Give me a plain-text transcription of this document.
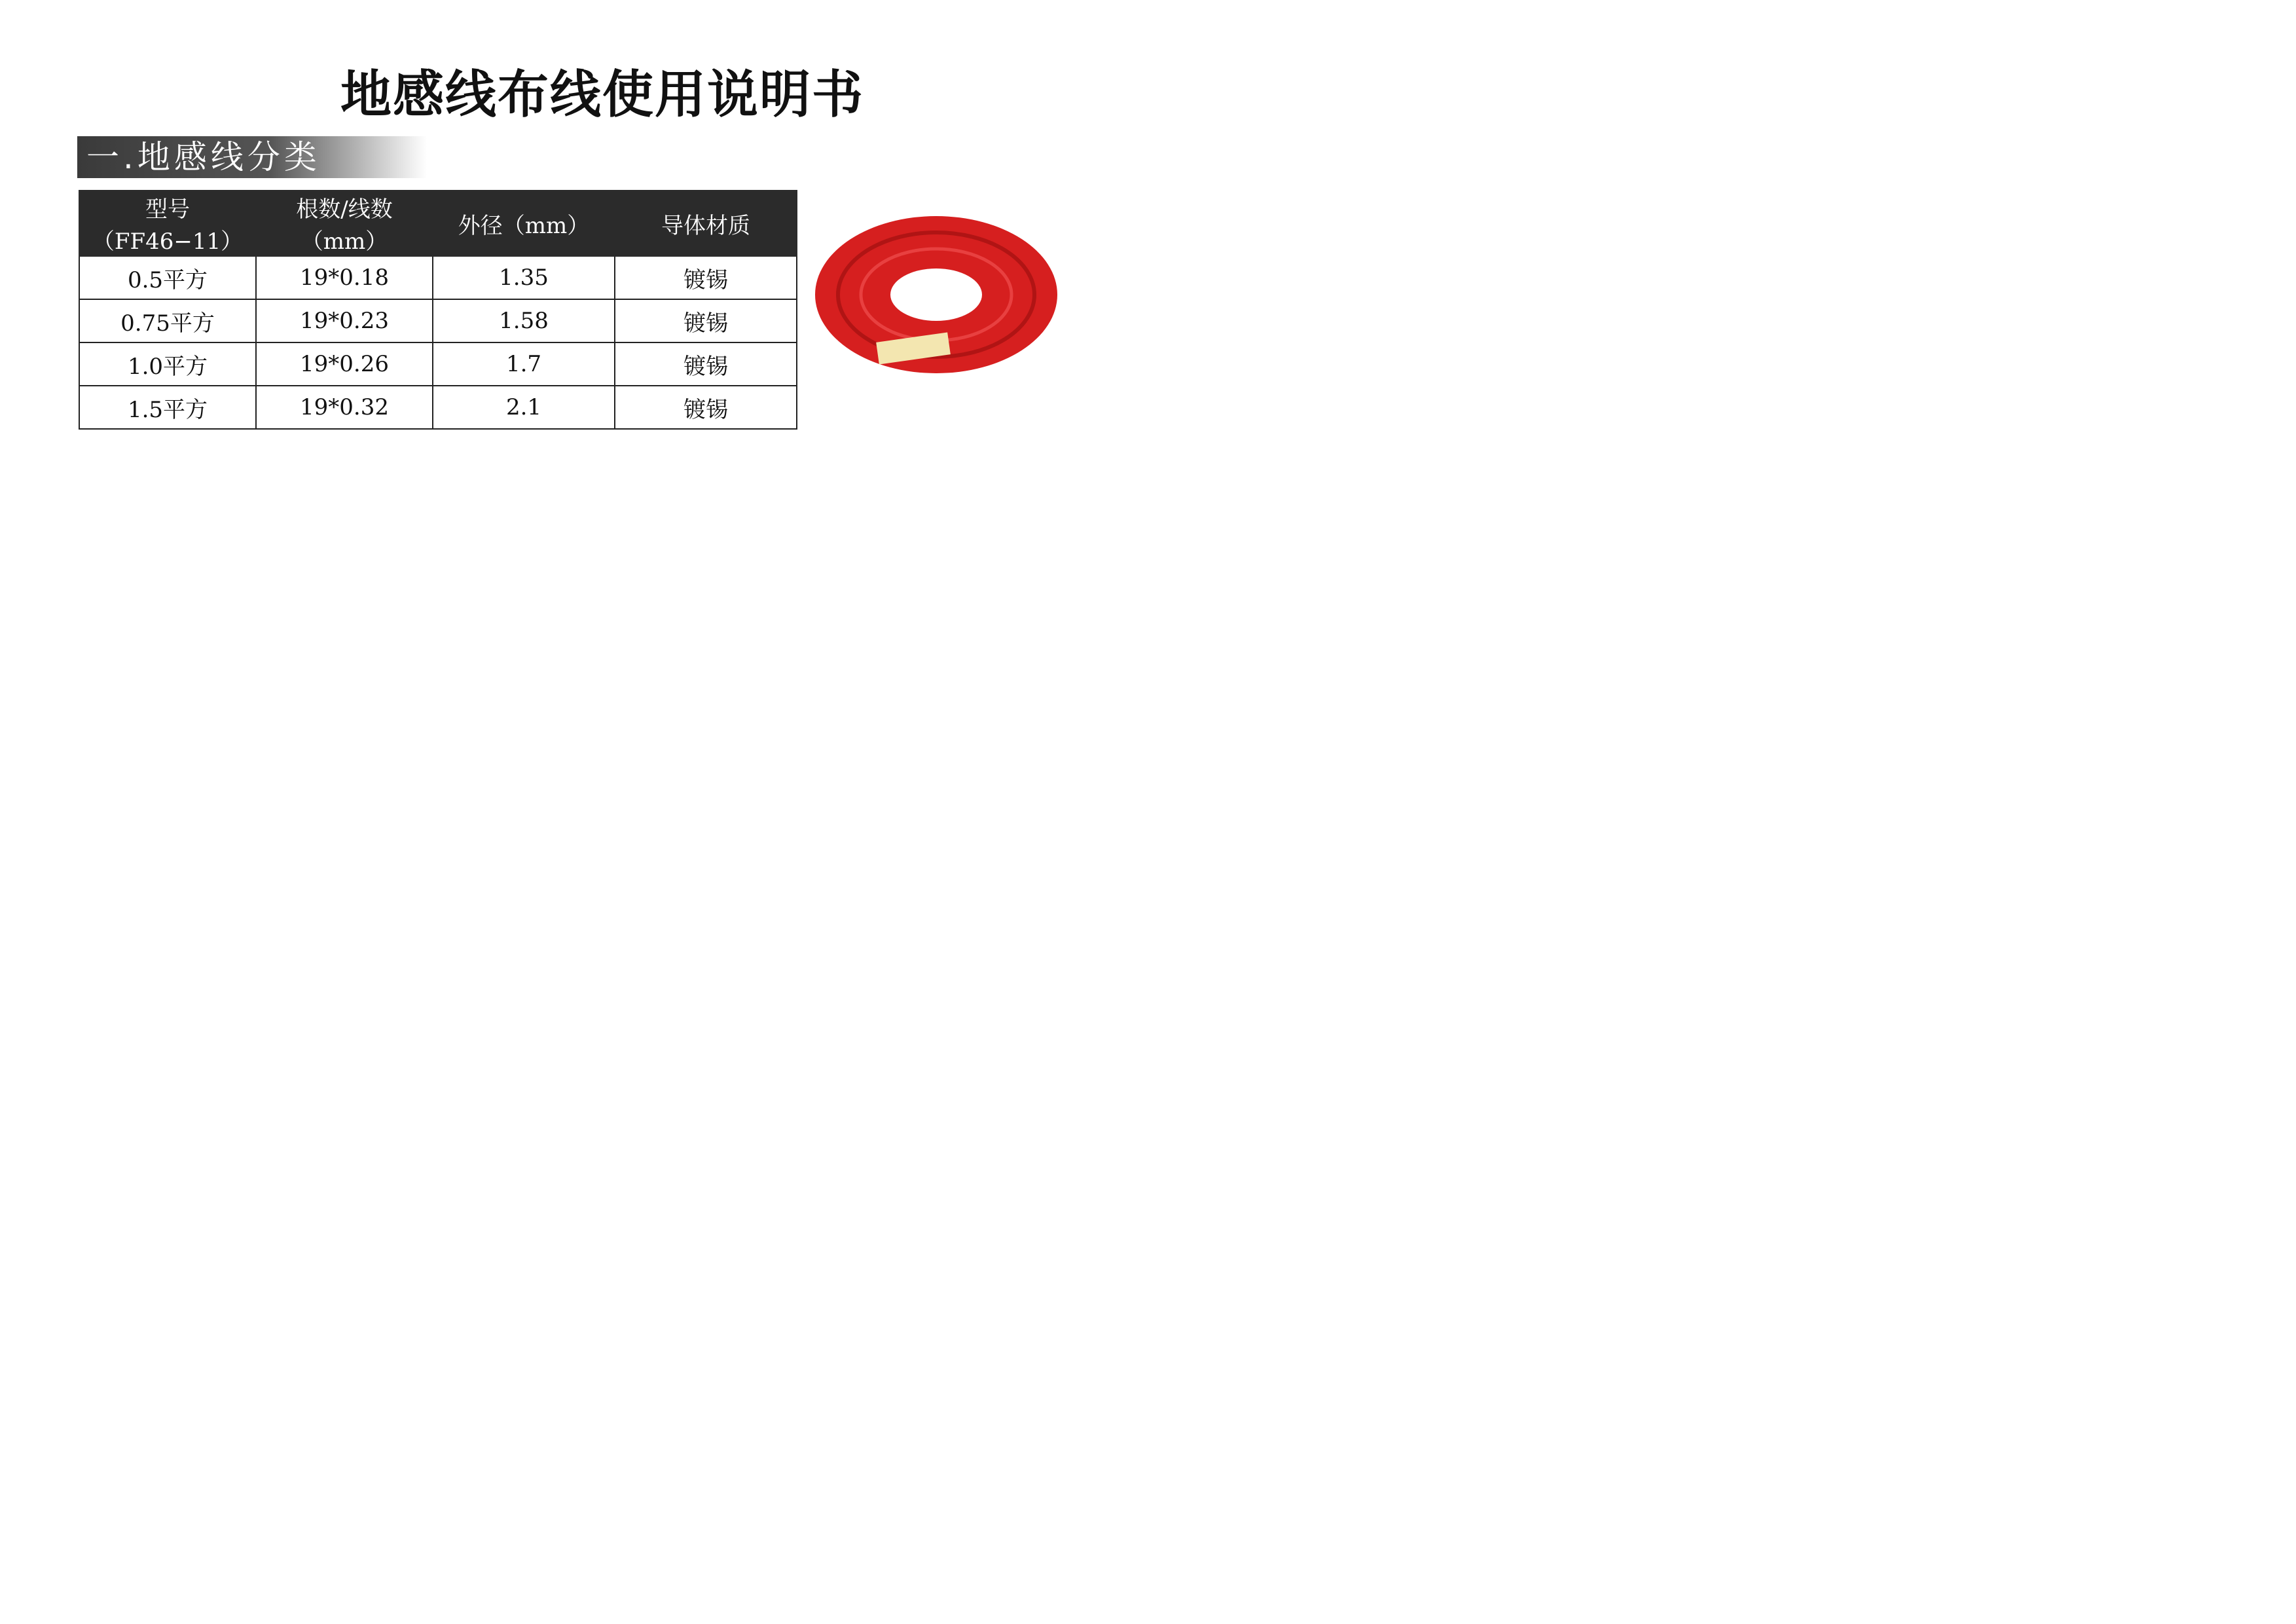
地感线布线使用说明书
一.地感线分类
型号（FF46−11）	根数/线数（mm）	外径（mm）	导体材质
0.5平方	19*0.18	1.35	镀锡
0.75平方	19*0.23	1.58	镀锡
1.0平方	19*0.26	1.7	镀锡
1.5平方	19*0.32	2.1	镀锡
